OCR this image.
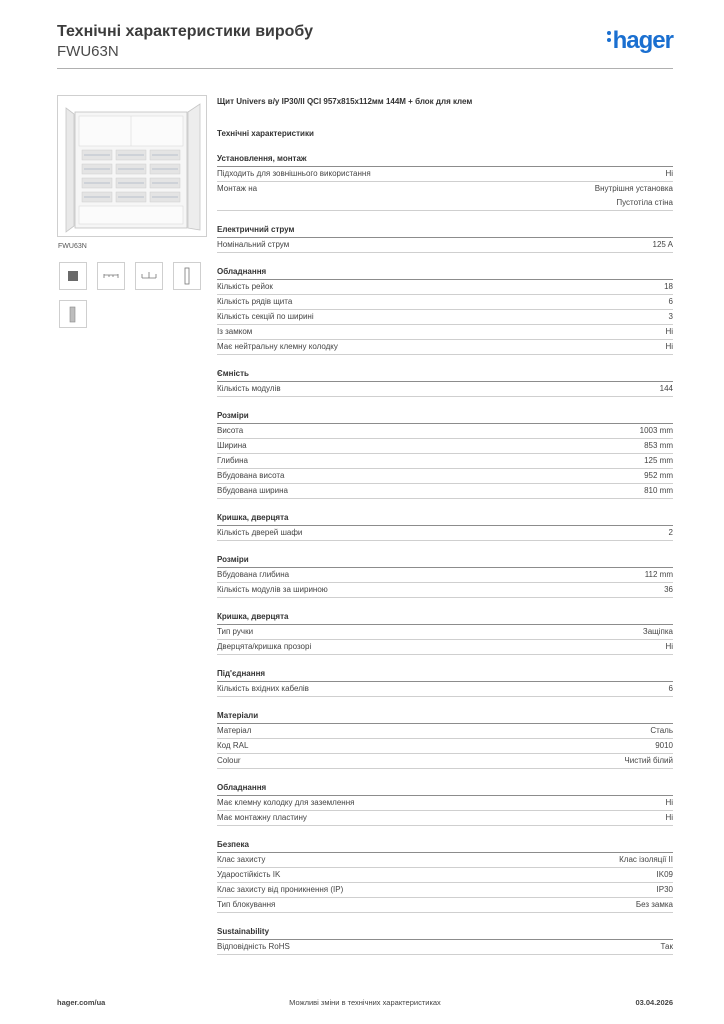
Технічні характеристики виробу
FWU63N	hager
FWU63N
Щит Univers в/у IP30/II QCI 957х815х112мм 144М + блок для клем
Технічні характеристики
Установлення, монтаж
Підходить для зовнішнього використання	Ні
Монтаж на	Внутрішня установка
Пустотіла стіна
Електричний струм
Номінальний струм	125 A
Обладнання
Кількість рейок	18
Кількість рядів щита	6
Кількість секцій по ширині	3
Із замком	Ні
Має нейтральну клемну колодку	Ні
Ємність
Кількість модулів	144
Розміри
Висота	1003 mm
Ширина	853 mm
Глибина	125 mm
Вбудована висота	952 mm
Вбудована ширина	810 mm
Кришка, дверцята
Кількість дверей шафи	2
Розміри
Вбудована глибина	112 mm
Кількість модулів за шириною	36
Кришка, дверцята
Тип ручки	Защіпка
Дверцята/кришка прозорі	Ні
Під'єднання
Кількість вхідних кабелів	6
Матеріали
Матеріал	Сталь
Код RAL	9010
Colour	Чистий білий
Обладнання
Має клемну колодку для заземлення	Ні
Має монтажну пластину	Ні
Безпека
Клас захисту	Клас ізоляції II
Ударостійкість IK	IK09
Клас захисту від проникнення (IP)	IP30
Тип блокування	Без замка
Sustainability
Відповідність RoHS	Так
hager.com/ua	Можливі зміни в технічних характеристиках	03.04.2026
